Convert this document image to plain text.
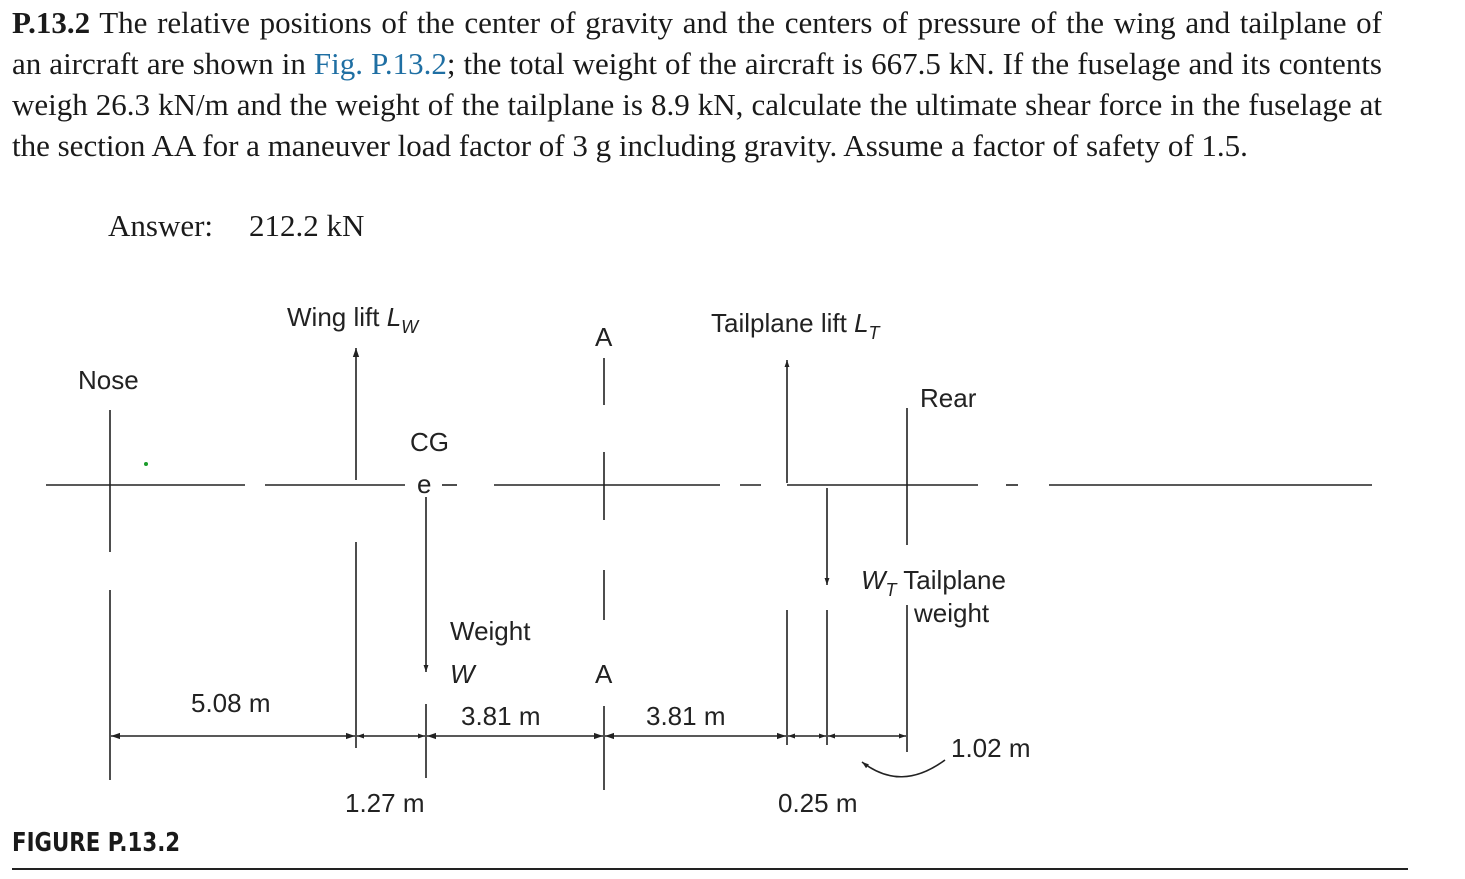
P.13.2 The relative positions of the center of gravity and the centers of pressure of the wing and tailplane of an aircraft are shown in Fig. P.13.2; the total weight of the aircraft is 667.5 kN. If the fuselage and its contents weigh 26.3 kN/m and the weight of the tailplane is 8.9 kN, calculate the ultimate shear force in the fuselage at the section AA for a maneuver load factor of 3 g including gravity. Assume a factor of safety of 1.5.
Answer: 212.2 kN
Nose
Rear
Wing lift $L_W$
CG
e
A
A
Tailplane lift $L_T$
Weight
W
$W_T$ Tailplane
weight
5.08 m
1.27 m
3.81 m	3.81 m
0.25 m
1.02 m
FIGURE P.13.2
